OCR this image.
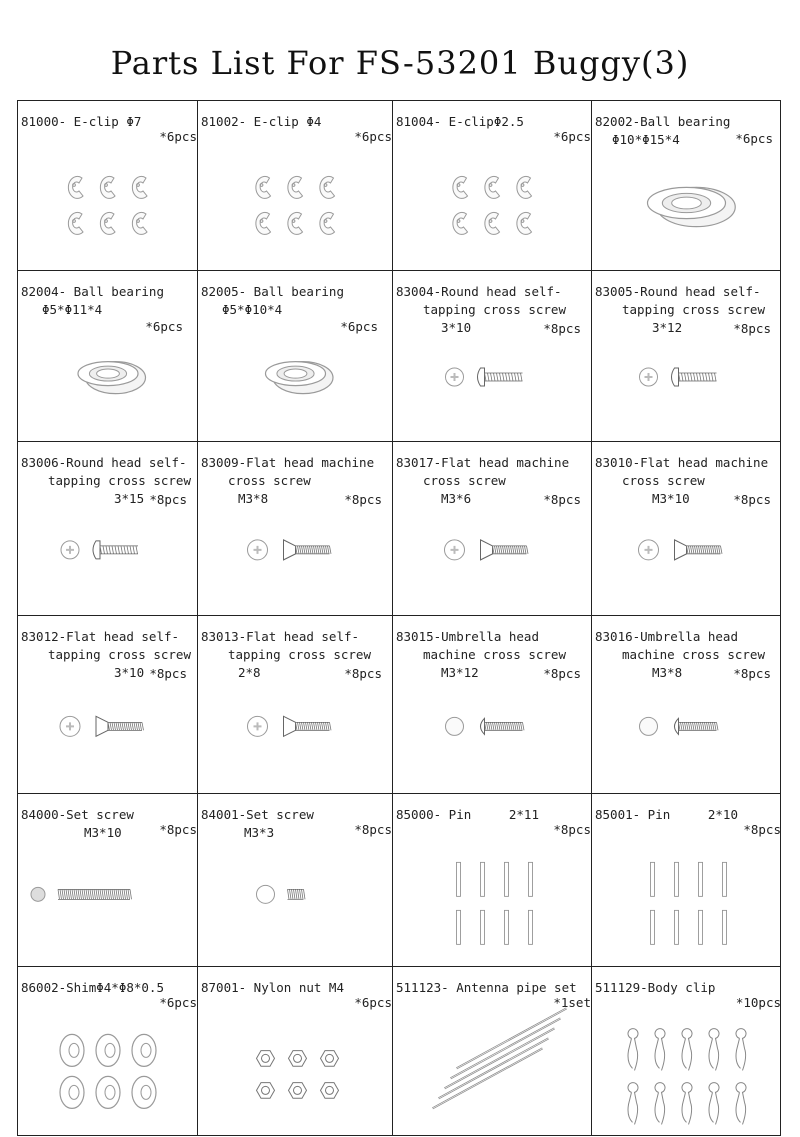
Parts List For FS-53201 Buggy(3)
81000- E-clip Φ7
*6pcs
81002- E-clip Φ4
*6pcs
81004- E-clipΦ2.5
*6pcs
82002-Ball bearing
Φ10*Φ15*4	*6pcs
82004- Ball bearing
Φ5*Φ11*4
*6pcs
82005- Ball bearing
Φ5*Φ10*4
*6pcs
83004-Round head self-
tapping cross screw
3*10	*8pcs
83005-Round head self-
tapping cross screw
3*12	*8pcs
83006-Round head self-
tapping cross screw
3*15 *8pcs
83009-Flat head machine
cross screw
M3*8	*8pcs
83017-Flat head machine
cross screw
M3*6	*8pcs
83010-Flat head machine
cross screw
M3*10	*8pcs
83012-Flat head self-
tapping cross screw
3*10 *8pcs
83013-Flat head self-
tapping cross screw
2*8	*8pcs
83015-Umbrella head
machine cross screw
M3*12	*8pcs
83016-Umbrella head
machine cross screw
M3*8	*8pcs
84000-Set screw
M3*10	*8pcs
84001-Set screw
M3*3	*8pcs
85000- Pin     2*11
*8pcs
85001- Pin     2*10
*8pcs
86002-ShimΦ4*Φ8*0.5
*6pcs
87001- Nylon nut M4
*6pcs
511123- Antenna pipe set
*1set
511129-Body clip
*10pcs
